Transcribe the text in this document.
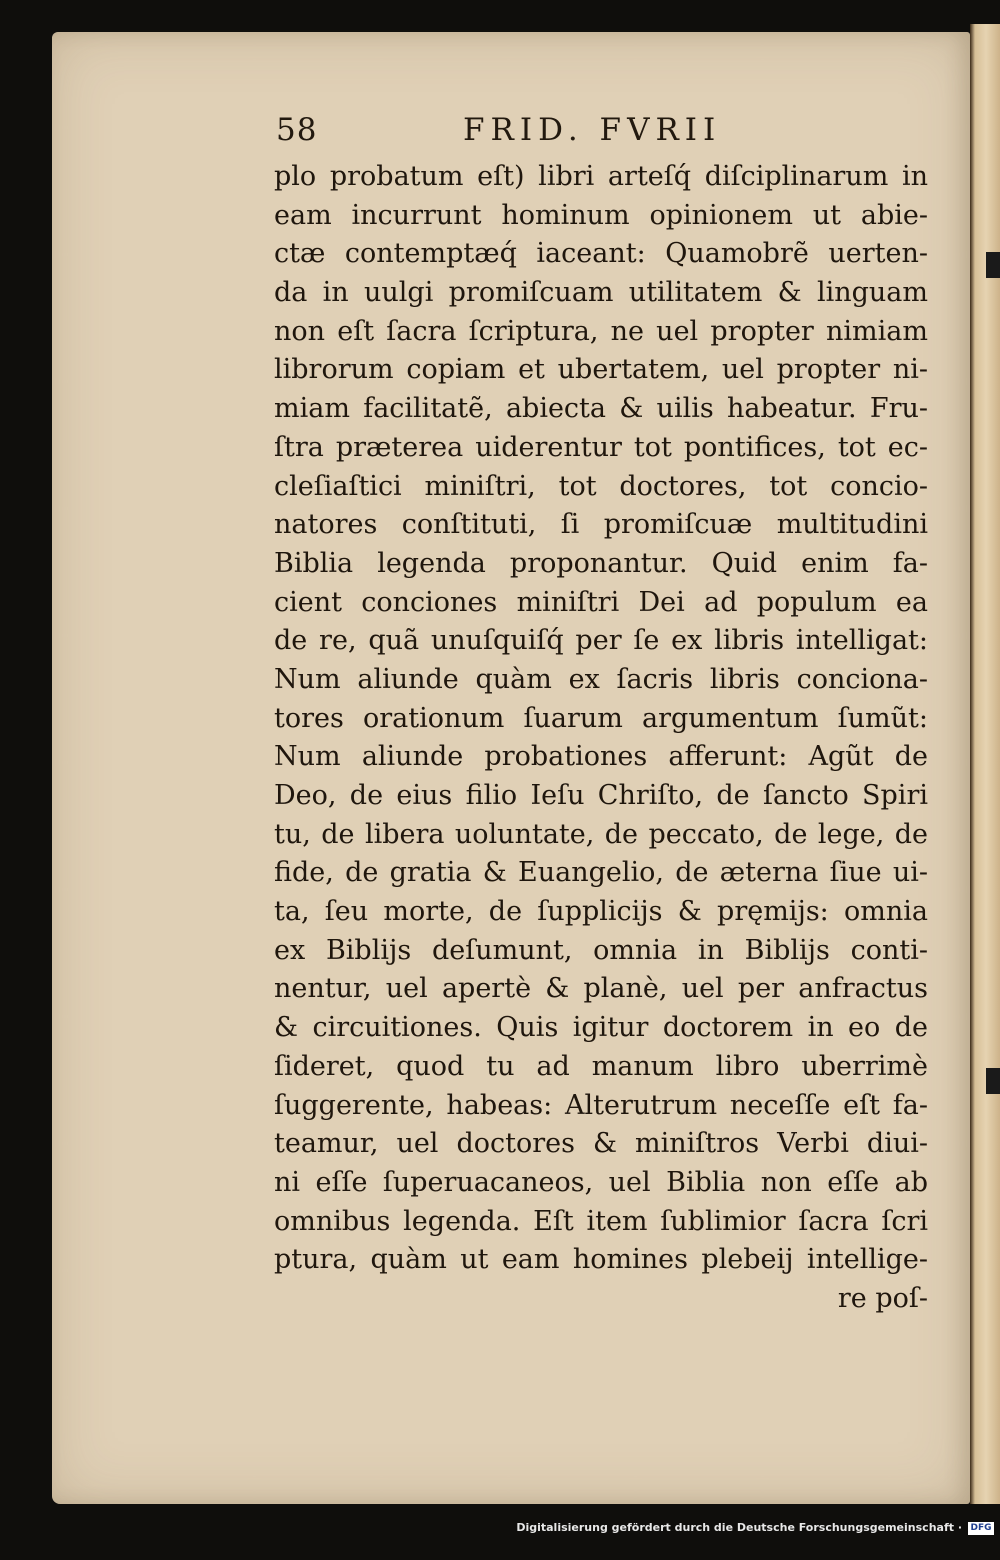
58	FRID. FVRII
plo probatum eſt) libri arteſq́ diſciplinarum in
eam incurrunt hominum opinionem ut abie-
ctæ contemptæq́ iaceant: Quamobrẽ uerten-
da in uulgi promiſcuam utilitatem & linguam
non eſt ſacra ſcriptura, ne uel propter nimiam
librorum copiam et ubertatem, uel propter ni-
miam facilitatẽ, abiecta & uilis habeatur. Fru-
ſtra præterea uiderentur tot pontifices, tot ec-
cleſiaſtici miniſtri, tot doctores, tot concio-
natores conſtituti, ſi promiſcuæ multitudini
Biblia legenda proponantur. Quid enim fa-
cient conciones miniſtri Dei ad populum ea
de re, quã unuſquiſq́ per ſe ex libris intelligat:
Num aliunde quàm ex ſacris libris conciona-
tores orationum ſuarum argumentum ſumũt:
Num aliunde probationes afferunt: Agũt de
Deo, de eius filio Ieſu Chriſto, de ſancto Spiri
tu, de libera uoluntate, de peccato, de lege, de
fide, de gratia & Euangelio, de æterna ſiue ui-
ta, ſeu morte, de ſupplicijs & pręmijs: omnia
ex Biblijs deſumunt, omnia in Biblijs conti-
nentur, uel apertè & planè, uel per anfractus
& circuitiones. Quis igitur doctorem in eo de
ſideret, quod tu ad manum libro uberrimè
ſuggerente, habeas: Alterutrum neceſſe eſt fa-
teamur, uel doctores & miniſtros Verbi diui-
ni eſſe ſuperuacaneos, uel Biblia non eſſe ab
omnibus legenda. Eſt item ſublimior ſacra ſcri
ptura, quàm ut eam homines plebeij intellige-
re poſ-
Digitalisierung gefördert durch die Deutsche Forschungsgemeinschaft · DFG
